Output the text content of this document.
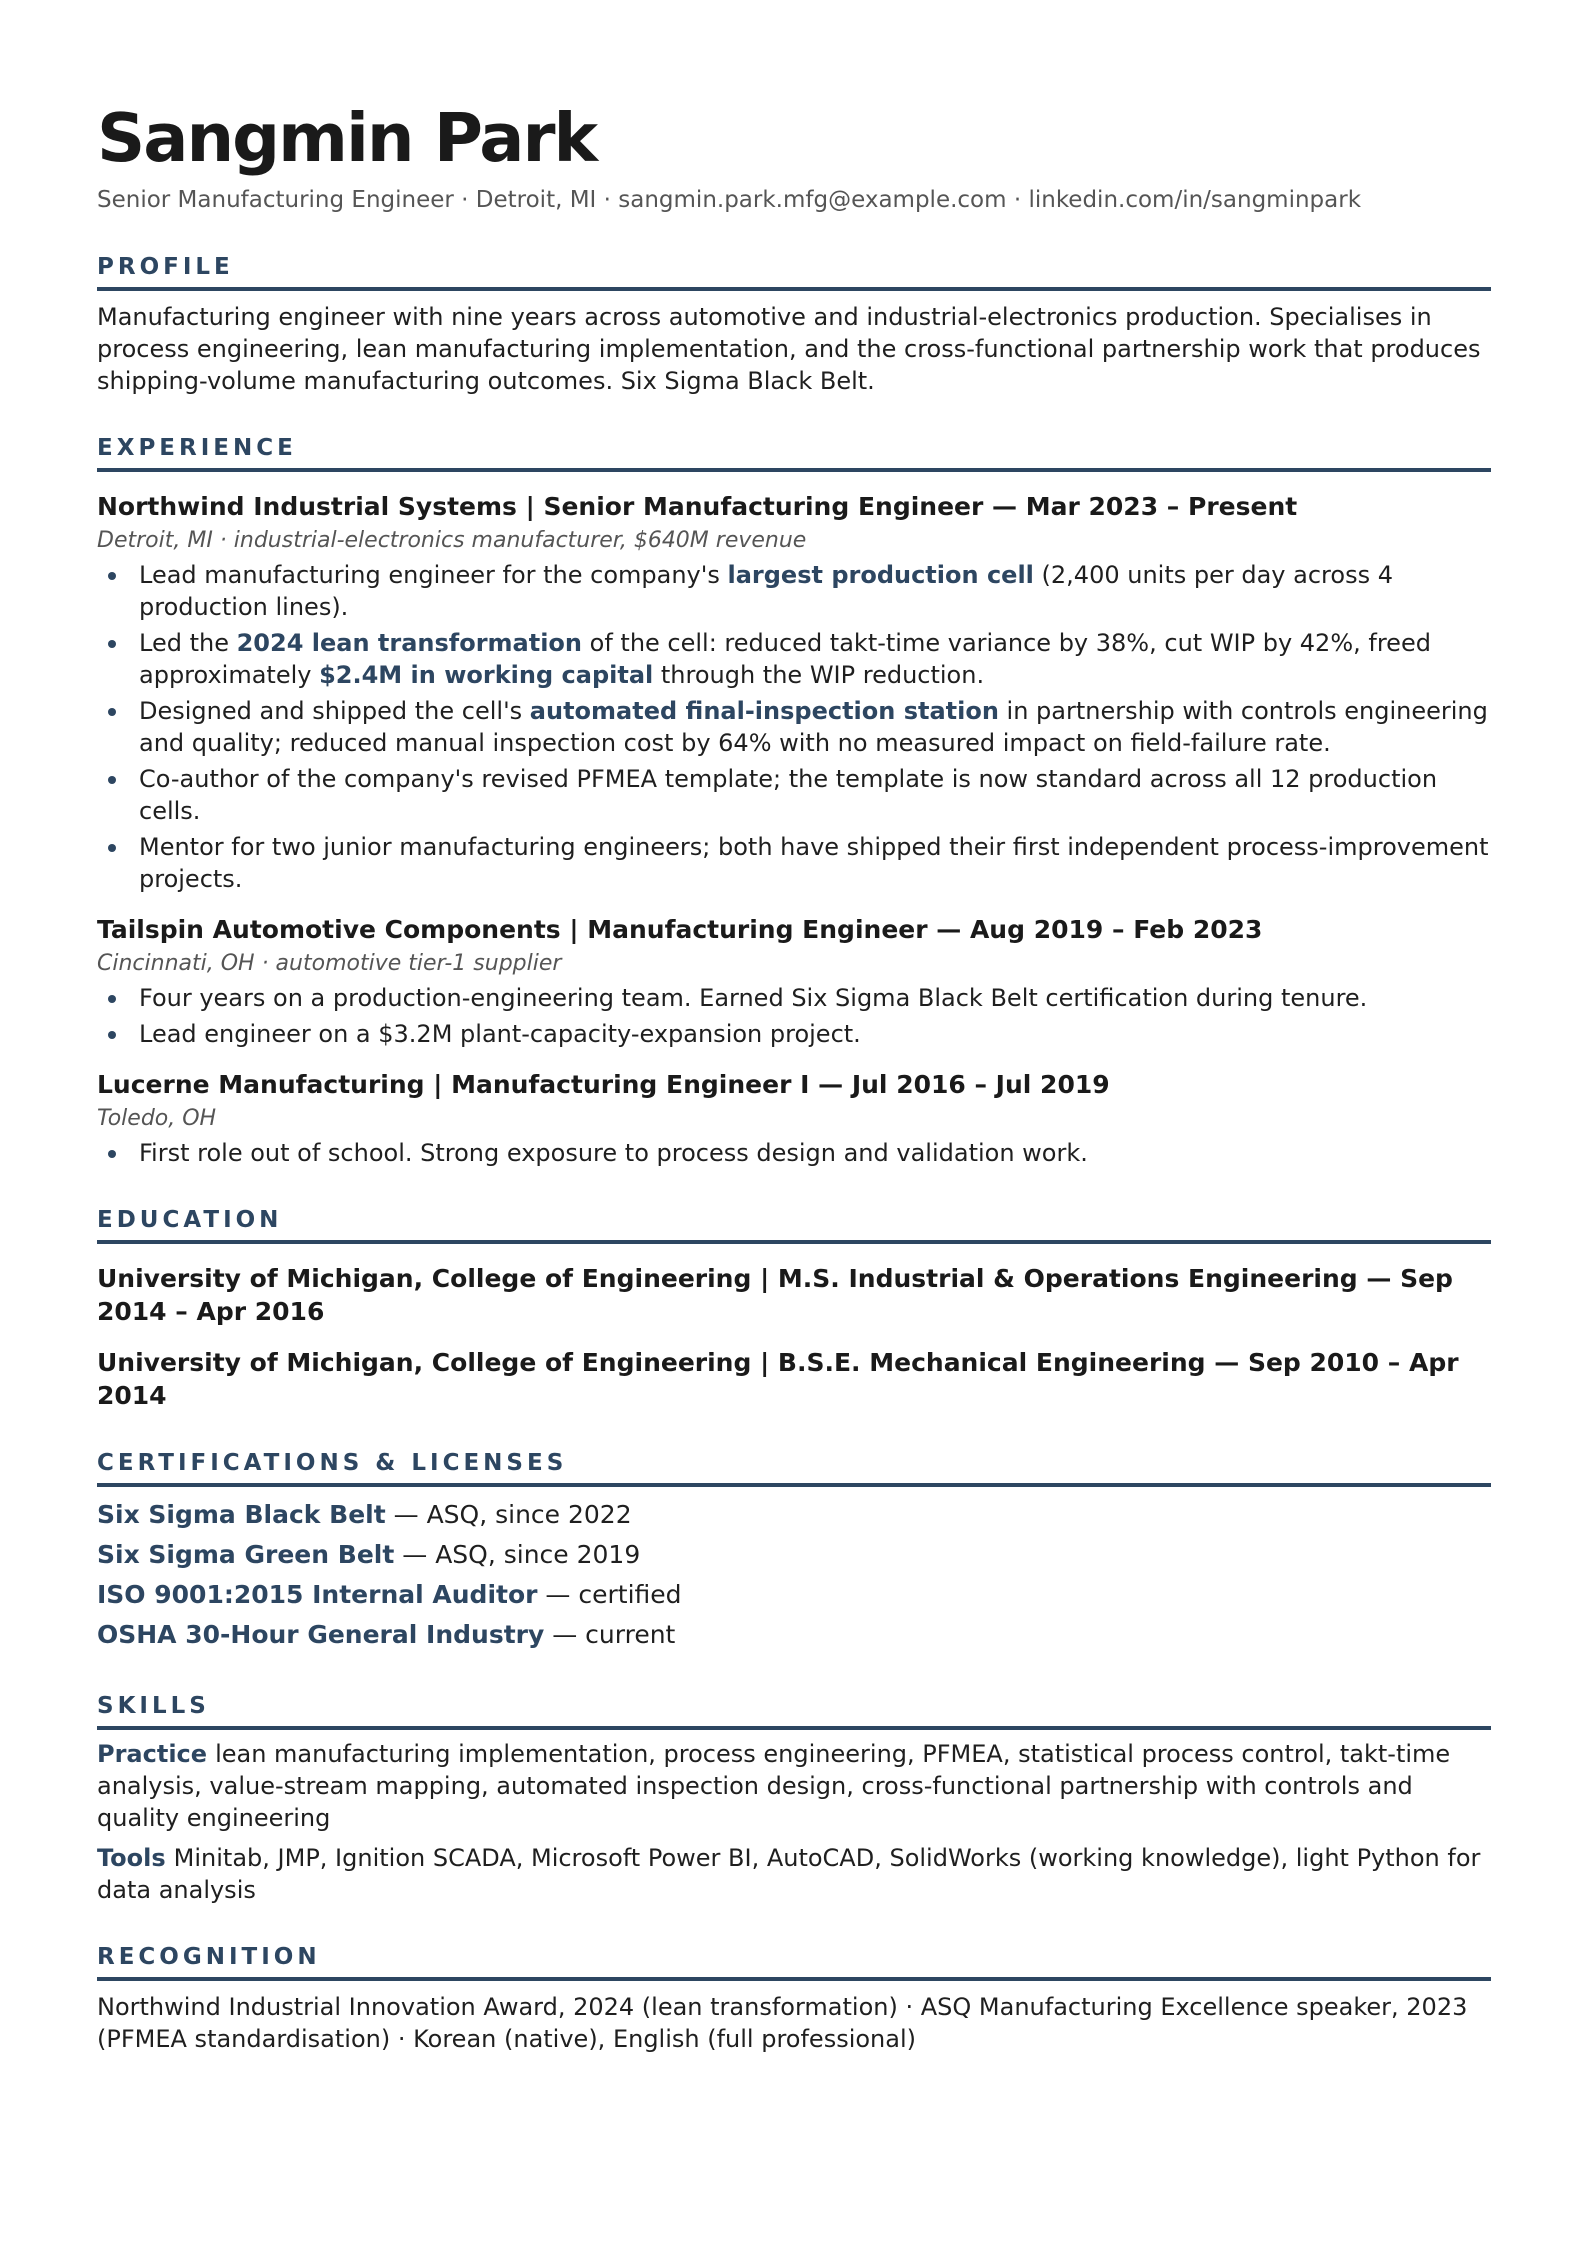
Sangmin Park
Senior Manufacturing Engineer · Detroit, MI · sangmin.park.mfg@example.com · linkedin.com/in/sangminpark
PROFILE
Manufacturing engineer with nine years across automotive and industrial-electronics production. Specialises in process engineering, lean manufacturing implementation, and the cross-functional partnership work that produces shipping-volume manufacturing outcomes. Six Sigma Black Belt.
EXPERIENCE
Northwind Industrial Systems | Senior Manufacturing Engineer — Mar 2023 – Present
Detroit, MI · industrial-electronics manufacturer, $640M revenue
Lead manufacturing engineer for the company's largest production cell (2,400 units per day across 4 production lines).
Led the 2024 lean transformation of the cell: reduced takt-time variance by 38%, cut WIP by 42%, freed approximately $2.4M in working capital through the WIP reduction.
Designed and shipped the cell's automated final-inspection station in partnership with controls engineering and quality; reduced manual inspection cost by 64% with no measured impact on field-failure rate.
Co-author of the company's revised PFMEA template; the template is now standard across all 12 production cells.
Mentor for two junior manufacturing engineers; both have shipped their first independent process-improvement projects.
Tailspin Automotive Components | Manufacturing Engineer — Aug 2019 – Feb 2023
Cincinnati, OH · automotive tier-1 supplier
Four years on a production-engineering team. Earned Six Sigma Black Belt certification during tenure.
Lead engineer on a $3.2M plant-capacity-expansion project.
Lucerne Manufacturing | Manufacturing Engineer I — Jul 2016 – Jul 2019
Toledo, OH
First role out of school. Strong exposure to process design and validation work.
EDUCATION
University of Michigan, College of Engineering | M.S. Industrial & Operations Engineering — Sep 2014 – Apr 2016
University of Michigan, College of Engineering | B.S.E. Mechanical Engineering — Sep 2010 – Apr 2014
CERTIFICATIONS & LICENSES
Six Sigma Black Belt — ASQ, since 2022
Six Sigma Green Belt — ASQ, since 2019
ISO 9001:2015 Internal Auditor — certified
OSHA 30-Hour General Industry — current
SKILLS
Practice lean manufacturing implementation, process engineering, PFMEA, statistical process control, takt-time analysis, value-stream mapping, automated inspection design, cross-functional partnership with controls and quality engineering
Tools Minitab, JMP, Ignition SCADA, Microsoft Power BI, AutoCAD, SolidWorks (working knowledge), light Python for data analysis
RECOGNITION
Northwind Industrial Innovation Award, 2024 (lean transformation) · ASQ Manufacturing Excellence speaker, 2023 (PFMEA standardisation) · Korean (native), English (full professional)
